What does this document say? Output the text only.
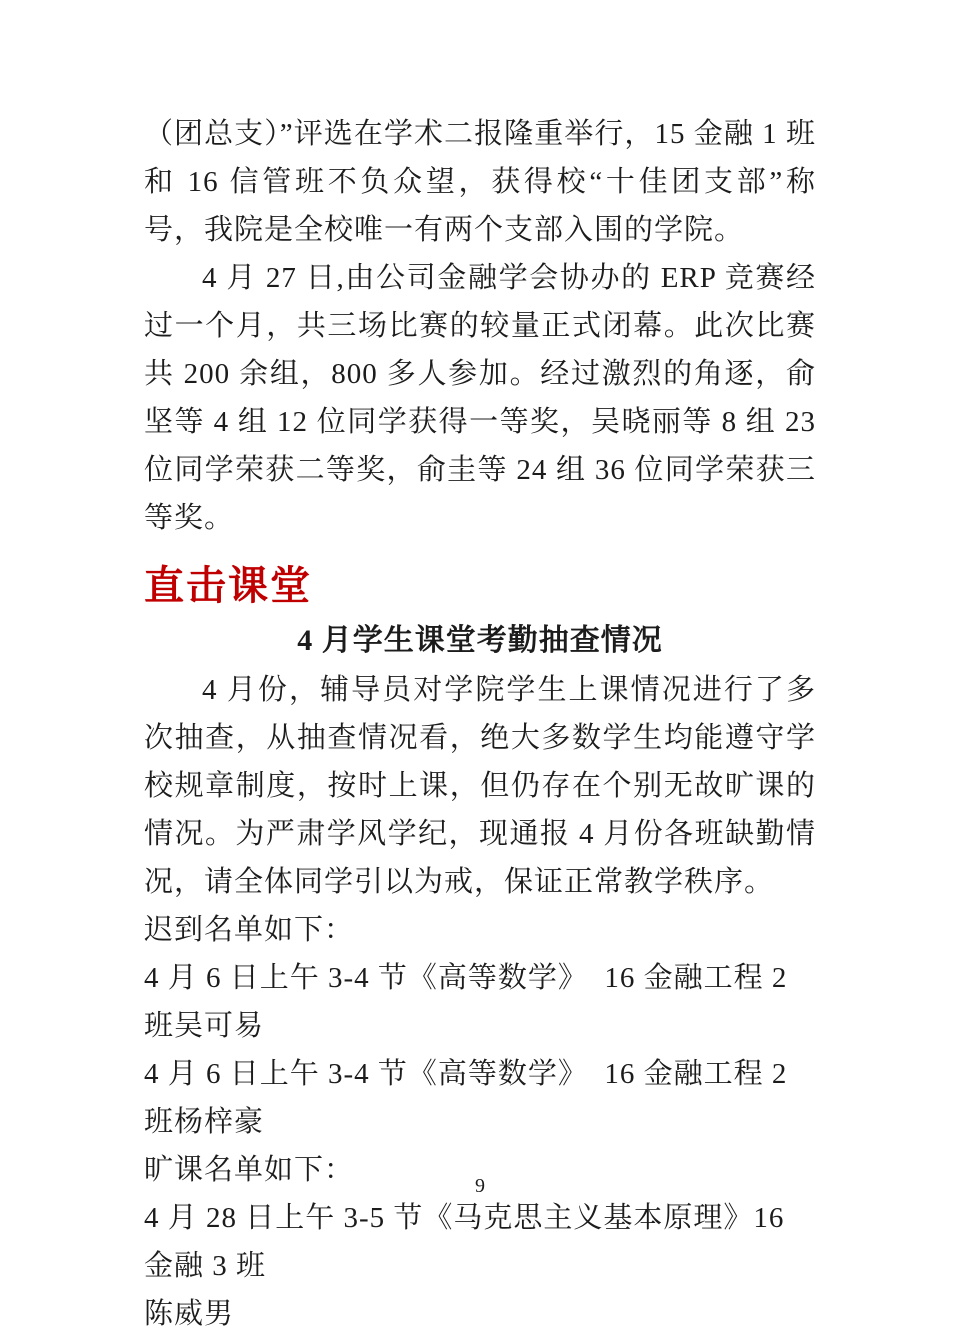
（团总支）”评选在学术二报隆重举行，15 金融 1 班和 16 信管班不负众望，获得校“十佳团支部”称号，我院是全校唯一有两个支部入围的学院。

4 月 27 日,由公司金融学会协办的 ERP 竞赛经过一个月，共三场比赛的较量正式闭幕。此次比赛共 200 余组，800 多人参加。经过激烈的角逐，俞坚等 4 组 12 位同学获得一等奖，吴晓丽等 8 组 23 位同学荣获二等奖，俞圭等 24 组 36 位同学荣获三等奖。

直击课堂
4 月学生课堂考勤抽查情况

4 月份，辅导员对学院学生上课情况进行了多次抽查，从抽查情况看，绝大多数学生均能遵守学校规章制度，按时上课，但仍存在个别无故旷课的情况。为严肃学风学纪，现通报 4 月份各班缺勤情况，请全体同学引以为戒，保证正常教学秩序。

迟到名单如下：

4 月 6 日上午 3-4 节《高等数学》  16 金融工程 2 班吴可易

4 月 6 日上午 3-4 节《高等数学》  16 金融工程 2 班杨梓豪

旷课名单如下：

4 月 28 日上午 3-5 节《马克思主义基本原理》16 金融 3 班

陈威男

9
